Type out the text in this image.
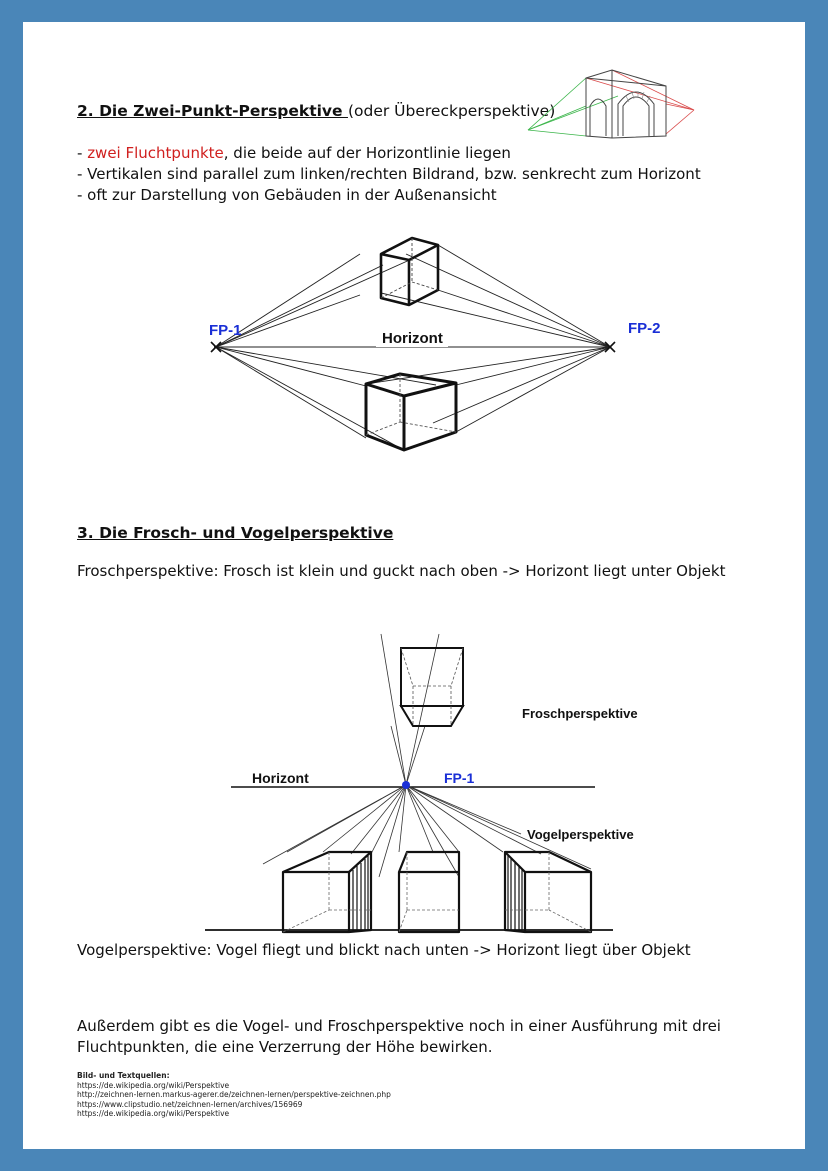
2. Die Zwei-Punkt-Perspektive (oder Übereckperspektive)
- zwei Fluchtpunkte, die beide auf der Horizontlinie liegen
- Vertikalen sind parallel zum linken/rechten Bildrand, bzw. senkrecht zum Horizont
- oft zur Darstellung von Gebäuden in der Außenansicht
FP-1	FP-2
Horizont
3. Die Frosch- und Vogelperspektive
Froschperspektive: Frosch ist klein und guckt nach oben -> Horizont liegt unter Objekt
Horizont	FP-1
Froschperspektive
Vogelperspektive
Vogelperspektive: Vogel fliegt und blickt nach unten -> Horizont liegt über Objekt
Außerdem gibt es die Vogel- und Froschperspektive noch in einer Ausführung mit drei Fluchtpunkten, die eine Verzerrung der Höhe bewirken.
Bild- und Textquellen:
https://de.wikipedia.org/wiki/Perspektive
http://zeichnen-lernen.markus-agerer.de/zeichnen-lernen/perspektive-zeichnen.php
https://www.clipstudio.net/zeichnen-lernen/archives/156969
https://de.wikipedia.org/wiki/Perspektive
